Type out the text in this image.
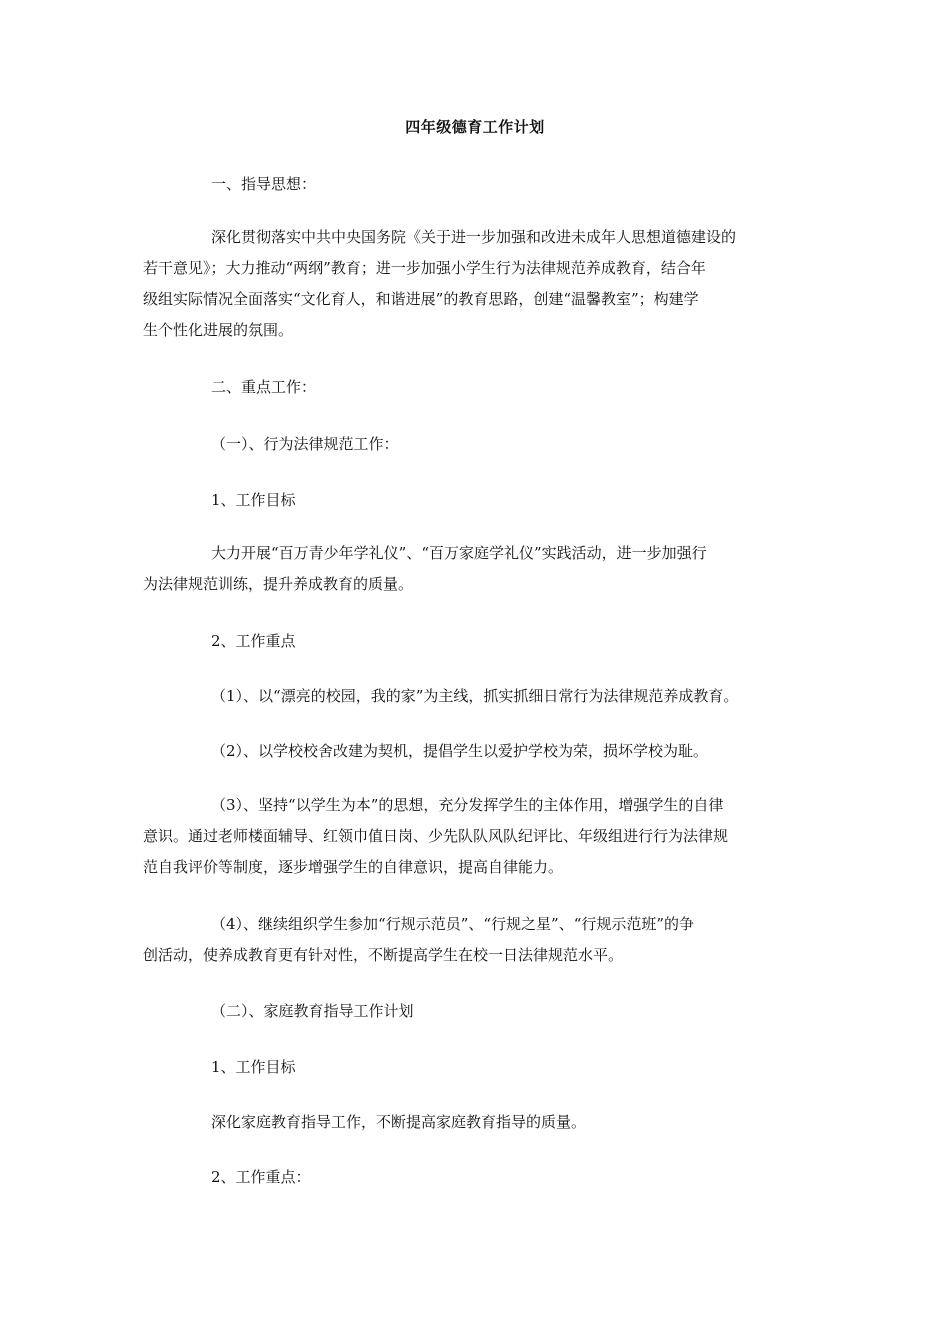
四年级德育工作计划

一、指导思想：

深化贯彻落实中共中央国务院《关于进一步加强和改进未成年人思想道德建设的
若干意见》；大力推动“两纲”教育；进一步加强小学生行为法律规范养成教育，结合年
级组实际情况全面落实“文化育人，和谐进展”的教育思路，创建“温馨教室”；构建学
生个性化进展的氛围。

二、重点工作：

（一）、行为法律规范工作：

1、工作目标

大力开展“百万青少年学礼仪”、“百万家庭学礼仪”实践活动，进一步加强行
为法律规范训练，提升养成教育的质量。

2、工作重点

（1）、以“漂亮的校园，我的家”为主线，抓实抓细日常行为法律规范养成教育。

（2）、以学校校舍改建为契机，提倡学生以爱护学校为荣，损坏学校为耻。

（3）、坚持“以学生为本”的思想，充分发挥学生的主体作用，增强学生的自律
意识。通过老师楼面辅导、红领巾值日岗、少先队队风队纪评比、年级组进行行为法律规
范自我评价等制度，逐步增强学生的自律意识，提高自律能力。
（4）、继续组织学生参加“行规示范员”、“行规之星”、“行规示范班”的争
创活动，使养成教育更有针对性，不断提高学生在校一日法律规范水平。

（二）、家庭教育指导工作计划

1、工作目标

深化家庭教育指导工作，不断提高家庭教育指导的质量。

2、工作重点：
